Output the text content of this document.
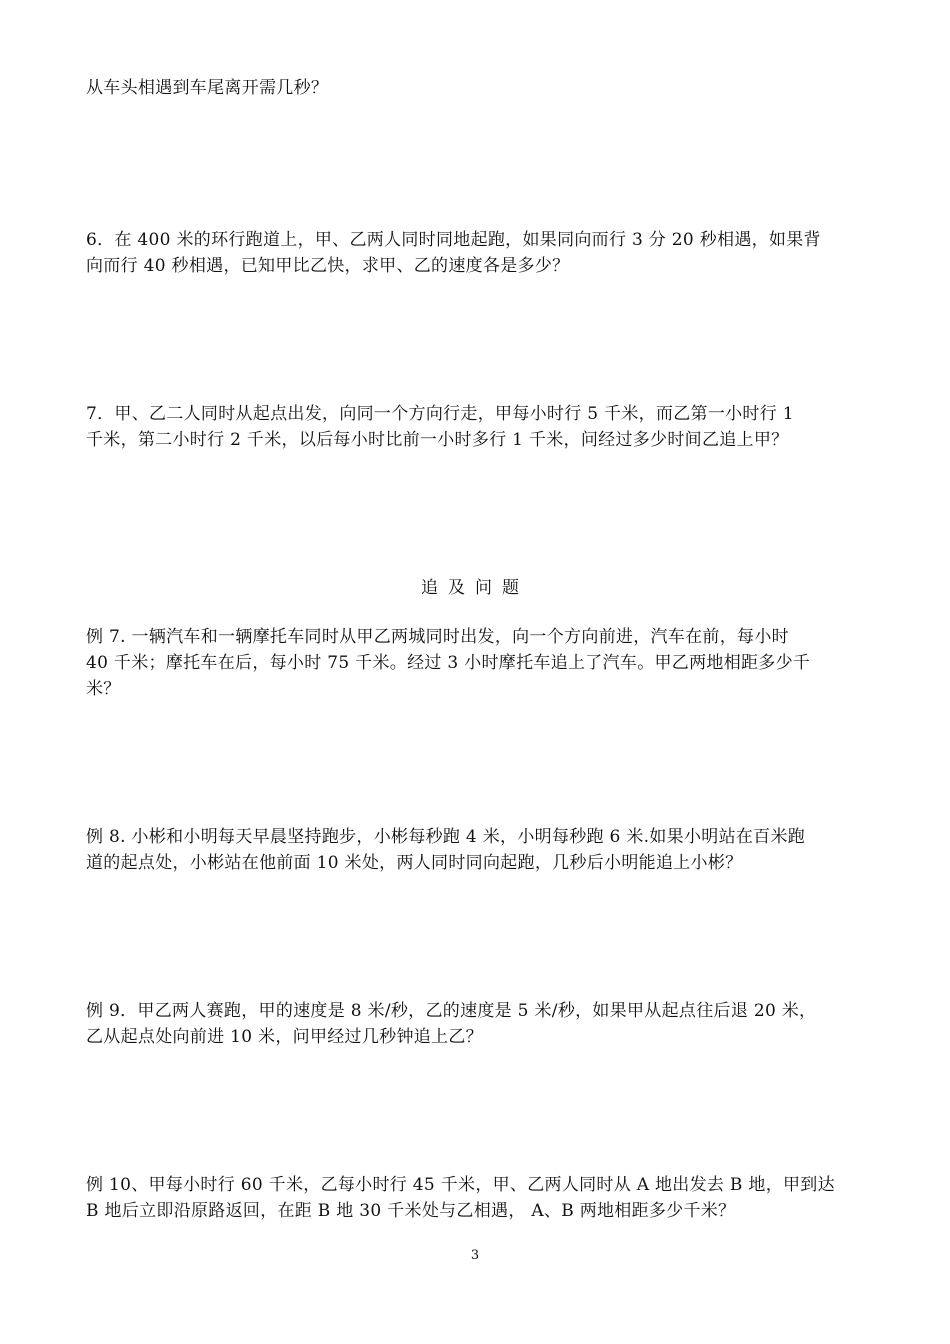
从车头相遇到车尾离开需几秒？
6．在 400 米的环行跑道上，甲、乙两人同时同地起跑，如果同向而行 3 分 20 秒相遇，如果背
向而行 40 秒相遇，已知甲比乙快，求甲、乙的速度各是多少？
7．甲、乙二人同时从起点出发，向同一个方向行走，甲每小时行 5 千米，而乙第一小时行 1
千米，第二小时行 2 千米，以后每小时比前一小时多行 1 千米，问经过多少时间乙追上甲？
追及问题
例 7. 一辆汽车和一辆摩托车同时从甲乙两城同时出发，向一个方向前进，汽车在前，每小时
40 千米；摩托车在后，每小时 75 千米。经过 3 小时摩托车追上了汽车。甲乙两地相距多少千
米？
例 8. 小彬和小明每天早晨坚持跑步，小彬每秒跑 4 米，小明每秒跑 6 米.如果小明站在百米跑
道的起点处，小彬站在他前面 10 米处，两人同时同向起跑，几秒后小明能追上小彬？
例 9．甲乙两人赛跑，甲的速度是 8 米/秒，乙的速度是 5 米/秒，如果甲从起点往后退 20 米，
乙从起点处向前进 10 米，问甲经过几秒钟追上乙？
例 10、甲每小时行 60 千米，乙每小时行 45 千米，甲、乙两人同时从 A 地出发去 B 地，甲到达
B 地后立即沿原路返回，在距 B 地 30 千米处与乙相遇， A、B 两地相距多少千米？
3
